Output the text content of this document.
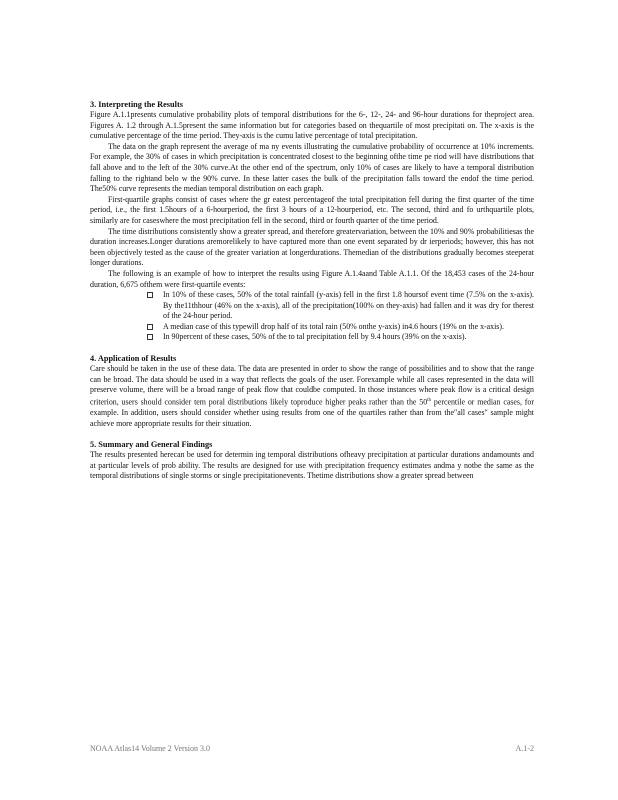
3. Interpreting the Results

Figure A.1.1presents cumulative probability plots of temporal distributions for the 6-, 12-, 24- and 96-hour durations for theproject area. Figures A. 1.2 through A.1.5present the same information but for categories based on thequartile of most precipitati on. The x-axis is the cumulative percentage of the time period. They-axis is the cumu lative percentage of total precipitation.

The data on the graph represent the average of ma ny events illustrating the cumulative probability of occurrence at 10% increments. For example, the 30% of cases in which precipitation is concentrated closest to the beginning ofthe time pe riod will have distributions that fall above and to the left of the 30% curve.At the other end of the spectrum, only 10% of cases are likely to have a temporal distribution falling to the rightand belo w the 90% curve. In these latter cases the bulk of the precipitation falls toward the endof the time period. The50% curve represents the median temporal distribution on each graph.

First-quartile graphs consist of cases where the gr eatest percentageof the total precipitation fell during the first quarter of the time period, i.e., the first 1.5hours of a 6-hourperiod, the first 3 hours of a 12-hourperiod, etc. The second, third and fo urthquartile plots, similarly are for caseswhere the most precipitation fell in the second, third or fourth quarter of the time period.

The time distributions consistently show a greater spread, and therefore greatervariation, between the 10% and 90% probabilitiesas the duration increases.Longer durations aremorelikely to have captured more than one event separated by dr ierperiods; however, this has not been objectively tested as the cause of the greater variation at longerdurations. Themedian of the distributions gradually becomes steeperat longer durations.

The following is an example of how to interpret the results using Figure A.1.4aand Table A.1.1. Of the 18,453 cases of the 24-hour duration, 6,675 ofthem were first-quartile events:

In 10% of these cases, 50% of the total rainfall (y-axis) fell in the first 1.8 hoursof event time (7.5% on the x-axis). By the11thhour (46% on the x-axis), all of the precipitation(100% on they-axis) had fallen and it was dry for therest of the 24-hour period.
A median case of this typewill drop half of its total rain (50% onthe y-axis) in4.6 hours (19% on the x-axis).
In 90percent of these cases, 50% of the to tal precipitation fell by 9.4 hours (39% on the x-axis).

4. Application of Results

Care should be taken in the use of these data. The data are presented in order to show the range of possibilities and to show that the range can be broad. The data should be used in a way that reflects the goals of the user. Forexample while all cases represented in the data will preserve volume, there will be a broad range of peak flow that couldbe computed. In those instances where peak flow is a critical design criterion, users should consider tem poral distributions likely toproduce higher peaks rather than the 50th percentile or median cases, for example. In addition, users should consider whether using results from one of the quartiles rather than from the"all cases" sample might achieve more appropriate results for their situation.

5. Summary and General Findings

The results presented herecan be used for determin ing temporal distributions ofheavy precipitation at particular durations andamounts and at particular levels of prob ability. The results are designed for use with precipitation frequency estimates andma y notbe the same as the temporal distributions of single storms or single precipitationevents. Thetime distributions show a greater spread between

NOAA Atlas14 Volume 2 Version 3.0	A.1-2
